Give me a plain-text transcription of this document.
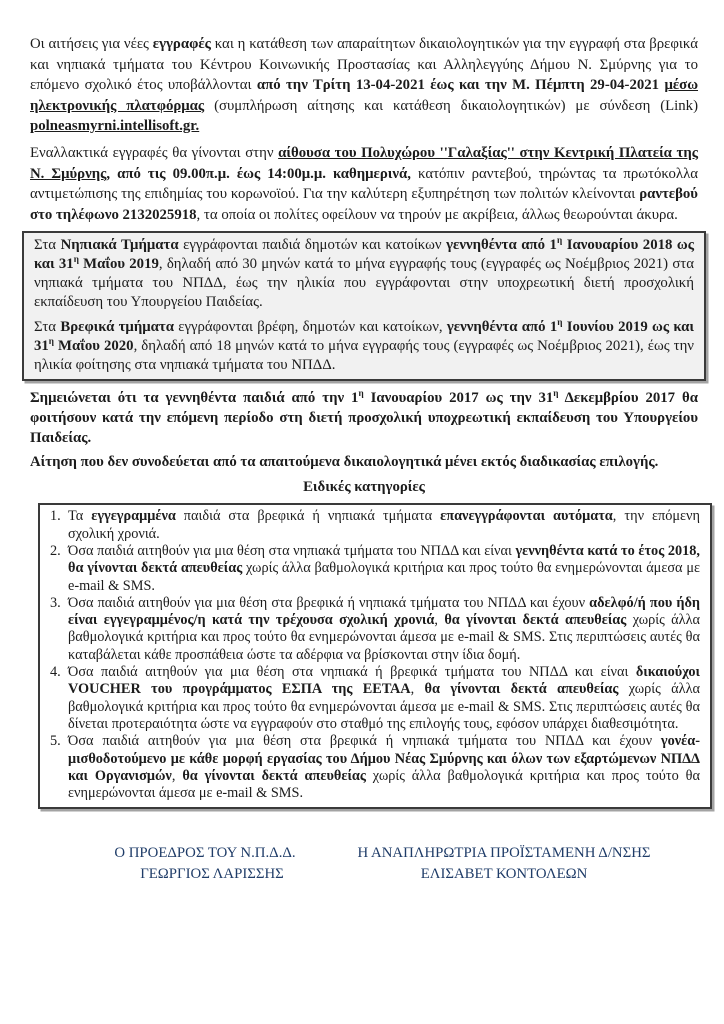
Οι αιτήσεις για νέες εγγραφές και η κατάθεση των απαραίτητων δικαιολογητικών για την εγγραφή στα βρεφικά και νηπιακά τμήματα του Κέντρου Κοινωνικής Προστασίας και Αλληλεγγύης Δήμου Ν. Σμύρνης για το επόμενο σχολικό έτος υποβάλλονται από την Τρίτη 13-04-2021 έως και την Μ. Πέμπτη 29-04-2021 μέσω ηλεκτρονικής πλατφόρμας (συμπλήρωση αίτησης και κατάθεση δικαιολογητικών) με σύνδεση (Link) polneasmyrni.intellisoft.gr.

Εναλλακτικά εγγραφές θα γίνονται στην αίθουσα του Πολυχώρου ''Γαλαξίας'' στην Κεντρική Πλατεία της Ν. Σμύρνης, από τις 09.00π.μ. έως 14:00μ.μ. καθημερινά, κατόπιν ραντεβού, τηρώντας τα πρωτόκολλα αντιμετώπισης της επιδημίας του κορωνοϊού. Για την καλύτερη εξυπηρέτηση των πολιτών κλείνονται ραντεβού στο τηλέφωνο 2132025918, τα οποία οι πολίτες οφείλουν να τηρούν με ακρίβεια, άλλως θεωρούνται άκυρα.

Στα Νηπιακά Τμήματα εγγράφονται παιδιά δημοτών και κατοίκων γεννηθέντα από $1^\eta$ Ιανουαρίου 2018 ως και $31^\eta$ Μαΐου 2019, δηλαδή από 30 μηνών κατά το μήνα εγγραφής τους (εγγραφές ως Νοέμβριος 2021) στα νηπιακά τμήματα του ΝΠΔΔ, έως την ηλικία που εγγράφονται στην υποχρεωτική διετή προσχολική εκπαίδευση του Υπουργείου Παιδείας.

Στα Βρεφικά τμήματα εγγράφονται βρέφη, δημοτών και κατοίκων, γεννηθέντα από $1^\eta$ Ιουνίου 2019 ως και $31^\eta$ Μαΐου 2020, δηλαδή από 18 μηνών κατά το μήνα εγγραφής τους (εγγραφές ως Νοέμβριος 2021), έως την ηλικία φοίτησης στα νηπιακά τμήματα του ΝΠΔΔ.

Σημειώνεται ότι τα γεννηθέντα παιδιά από την $1^\eta$ Ιανουαρίου 2017 ως την $31^\eta$ Δεκεμβρίου 2017 θα φοιτήσουν κατά την επόμενη περίοδο στη διετή προσχολική υποχρεωτική εκπαίδευση του Υπουργείου Παιδείας.

Αίτηση που δεν συνοδεύεται από τα απαιτούμενα δικαιολογητικά μένει εκτός διαδικασίας επιλογής.

Ειδικές κατηγορίες
1. Τα εγγεγραμμένα παιδιά στα βρεφικά ή νηπιακά τμήματα επανεγγράφονται αυτόματα, την επόμενη σχολική χρονιά.
2. Όσα παιδιά αιτηθούν για μια θέση στα νηπιακά τμήματα του ΝΠΔΔ και είναι γεννηθέντα κατά το έτος 2018, θα γίνονται δεκτά απευθείας χωρίς άλλα βαθμολογικά κριτήρια και προς τούτο θα ενημερώνονται άμεσα με e-mail & SMS.
3. Όσα παιδιά αιτηθούν για μια θέση στα βρεφικά ή νηπιακά τμήματα του ΝΠΔΔ και έχουν αδελφό/ή που ήδη είναι εγγεγραμμένος/η κατά την τρέχουσα σχολική χρονιά, θα γίνονται δεκτά απευθείας χωρίς άλλα βαθμολογικά κριτήρια και προς τούτο θα ενημερώνονται άμεσα με e-mail & SMS. Στις περιπτώσεις αυτές θα καταβάλεται κάθε προσπάθεια ώστε τα αδέρφια να βρίσκονται στην ίδια δομή.
4. Όσα παιδιά αιτηθούν για μια θέση στα νηπιακά ή βρεφικά τμήματα του ΝΠΔΔ και είναι δικαιούχοι VOUCHER του προγράμματος ΕΣΠΑ της ΕΕΤΑΑ, θα γίνονται δεκτά απευθείας χωρίς άλλα βαθμολογικά κριτήρια και προς τούτο θα ενημερώνονται άμεσα με e-mail & SMS. Στις περιπτώσεις αυτές θα δίνεται προτεραιότητα ώστε να εγγραφούν στο σταθμό της επιλογής τους, εφόσον υπάρχει διαθεσιμότητα.
5. Όσα παιδιά αιτηθούν για μια θέση στα βρεφικά ή νηπιακά τμήματα του ΝΠΔΔ και έχουν γονέα-μισθοδοτούμενο με κάθε μορφή εργασίας του Δήμου Νέας Σμύρνης και όλων των εξαρτώμενων ΝΠΔΔ και Οργανισμών, θα γίνονται δεκτά απευθείας χωρίς άλλα βαθμολογικά κριτήρια και προς τούτο θα ενημερώνονται άμεσα με e-mail & SMS.
Ο ΠΡΟΕΔΡΟΣ ΤΟΥ Ν.Π.Δ.Δ.
ΓΕΩΡΓΙΟΣ ΛΑΡΙΣΣΗΣ
Η ΑΝΑΠΛΗΡΩΤΡΙΑ ΠΡΟΪΣΤΑΜΕΝΗ Δ/ΝΣΗΣ
ΕΛΙΣΑΒΕΤ ΚΟΝΤΟΛΕΩΝ
